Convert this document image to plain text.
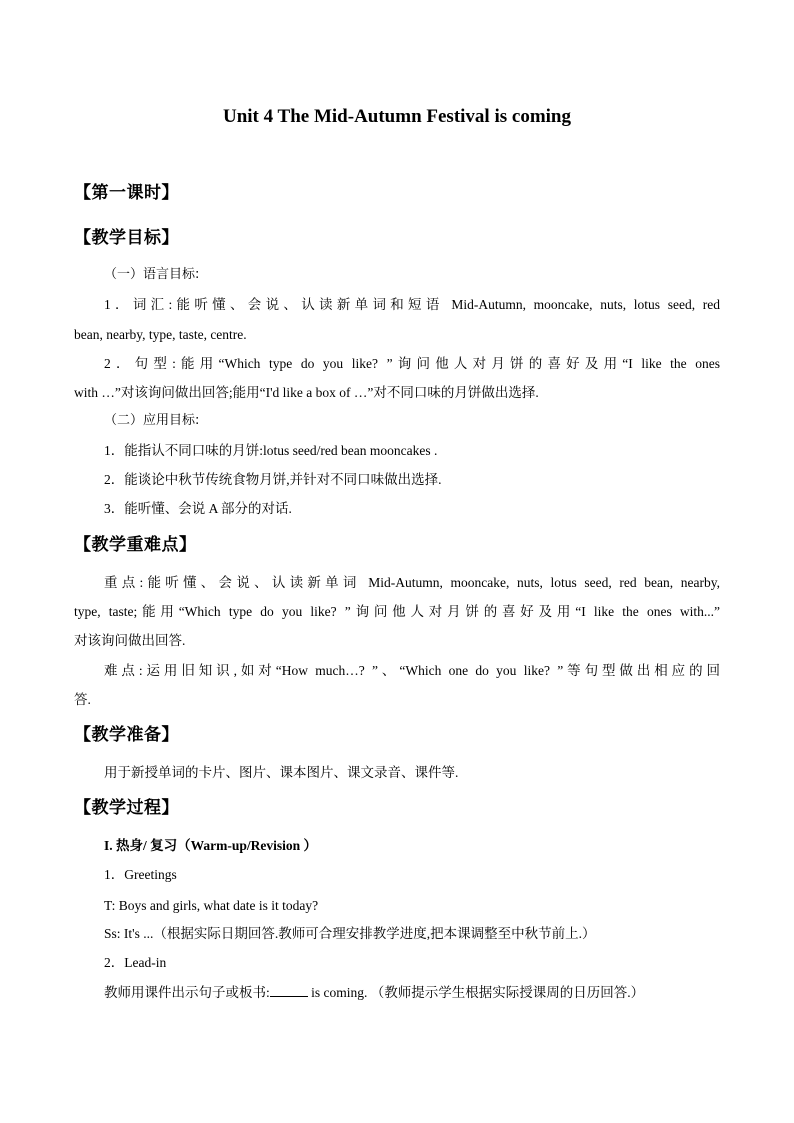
Unit 4 The Mid-Autumn Festival is coming
【第一课时】
【教学目标】
（一）语言目标:
1．词汇:能听懂、会说、认读新单词和短语 Mid-Autumn, mooncake, nuts, lotus seed, red
bean, nearby, type, taste, centre.
2．句型:能用“Which type do you like? ”询问他人对月饼的喜好及用“I like the ones
with …”对该询问做出回答;能用“I'd like a box of …”对不同口味的月饼做出选择.
（二）应用目标:
1．能指认不同口味的月饼:lotus seed/red bean mooncakes .
2．能谈论中秋节传统食物月饼,并针对不同口味做出选择.
3．能听懂、会说 A 部分的对话.
【教学重难点】
重点:能听懂、会说、认读新单词 Mid-Autumn, mooncake, nuts, lotus seed, red bean, nearby,
type, taste;能用“Which type do you like? ”询问他人对月饼的喜好及用“I like the ones with...”
对该询问做出回答.
难点:运用旧知识,如对“How much…? ”、“Which one do you like? ”等句型做出相应的回
答.
【教学准备】
用于新授单词的卡片、图片、课本图片、课文录音、课件等.
【教学过程】
I. 热身/ 复习（Warm-up/Revision ）
1．Greetings
T: Boys and girls, what date is it today?
Ss: It's ...（根据实际日期回答.教师可合理安排教学进度,把本课调整至中秋节前上.）
2．Lead-in
教师用课件出示句子或板书:	is coming. （教师提示学生根据实际授课周的日历回答.）
